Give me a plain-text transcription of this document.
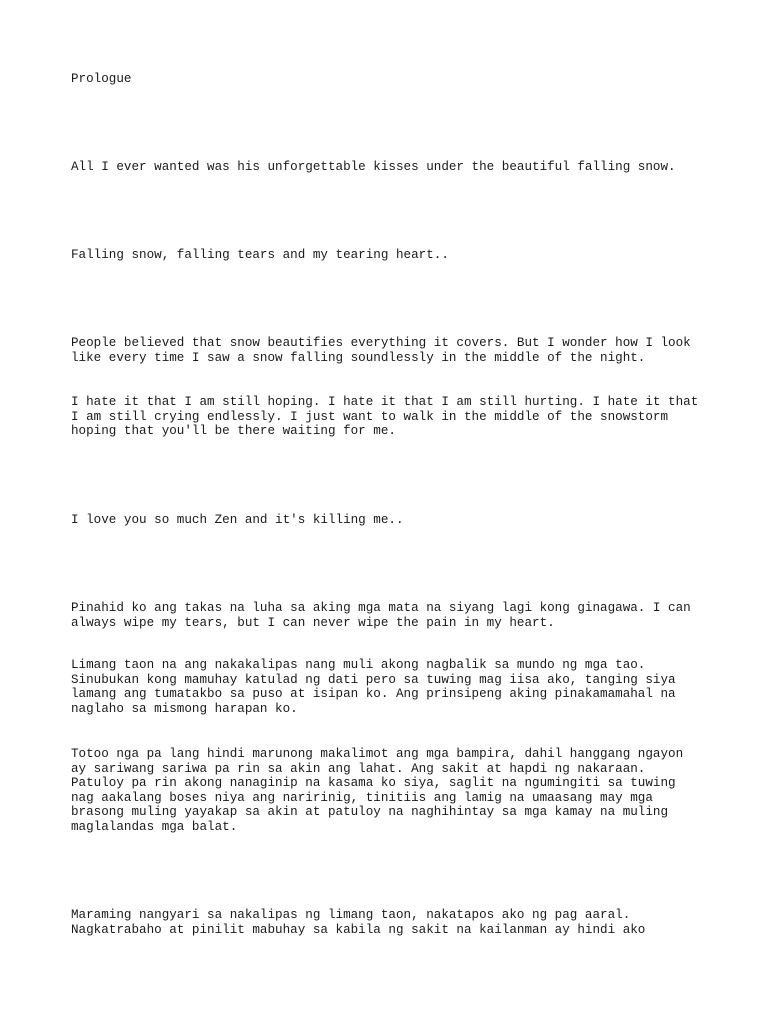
Prologue

All I ever wanted was his unforgettable kisses under the beautiful falling snow.

Falling snow, falling tears and my tearing heart..

People believed that snow beautifies everything it covers. But I wonder how I look
like every time I saw a snow falling soundlessly in the middle of the night.

I hate it that I am still hoping. I hate it that I am still hurting. I hate it that
I am still crying endlessly. I just want to walk in the middle of the snowstorm
hoping that you'll be there waiting for me.

I love you so much Zen and it's killing me..

Pinahid ko ang takas na luha sa aking mga mata na siyang lagi kong ginagawa. I can
always wipe my tears, but I can never wipe the pain in my heart.

Limang taon na ang nakakalipas nang muli akong nagbalik sa mundo ng mga tao.
Sinubukan kong mamuhay katulad ng dati pero sa tuwing mag iisa ako, tanging siya
lamang ang tumatakbo sa puso at isipan ko. Ang prinsipeng aking pinakamamahal na
naglaho sa mismong harapan ko.

Totoo nga pa lang hindi marunong makalimot ang mga bampira, dahil hanggang ngayon
ay sariwang sariwa pa rin sa akin ang lahat. Ang sakit at hapdi ng nakaraan.
Patuloy pa rin akong nanaginip na kasama ko siya, saglit na ngumingiti sa tuwing
nag aakalang boses niya ang naririnig, tinitiis ang lamig na umaasang may mga
brasong muling yayakap sa akin at patuloy na naghihintay sa mga kamay na muling
maglalandas mga balat.

Maraming nangyari sa nakalipas ng limang taon, nakatapos ako ng pag aaral.
Nagkatrabaho at pinilit mabuhay sa kabila ng sakit na kailanman ay hindi ako
